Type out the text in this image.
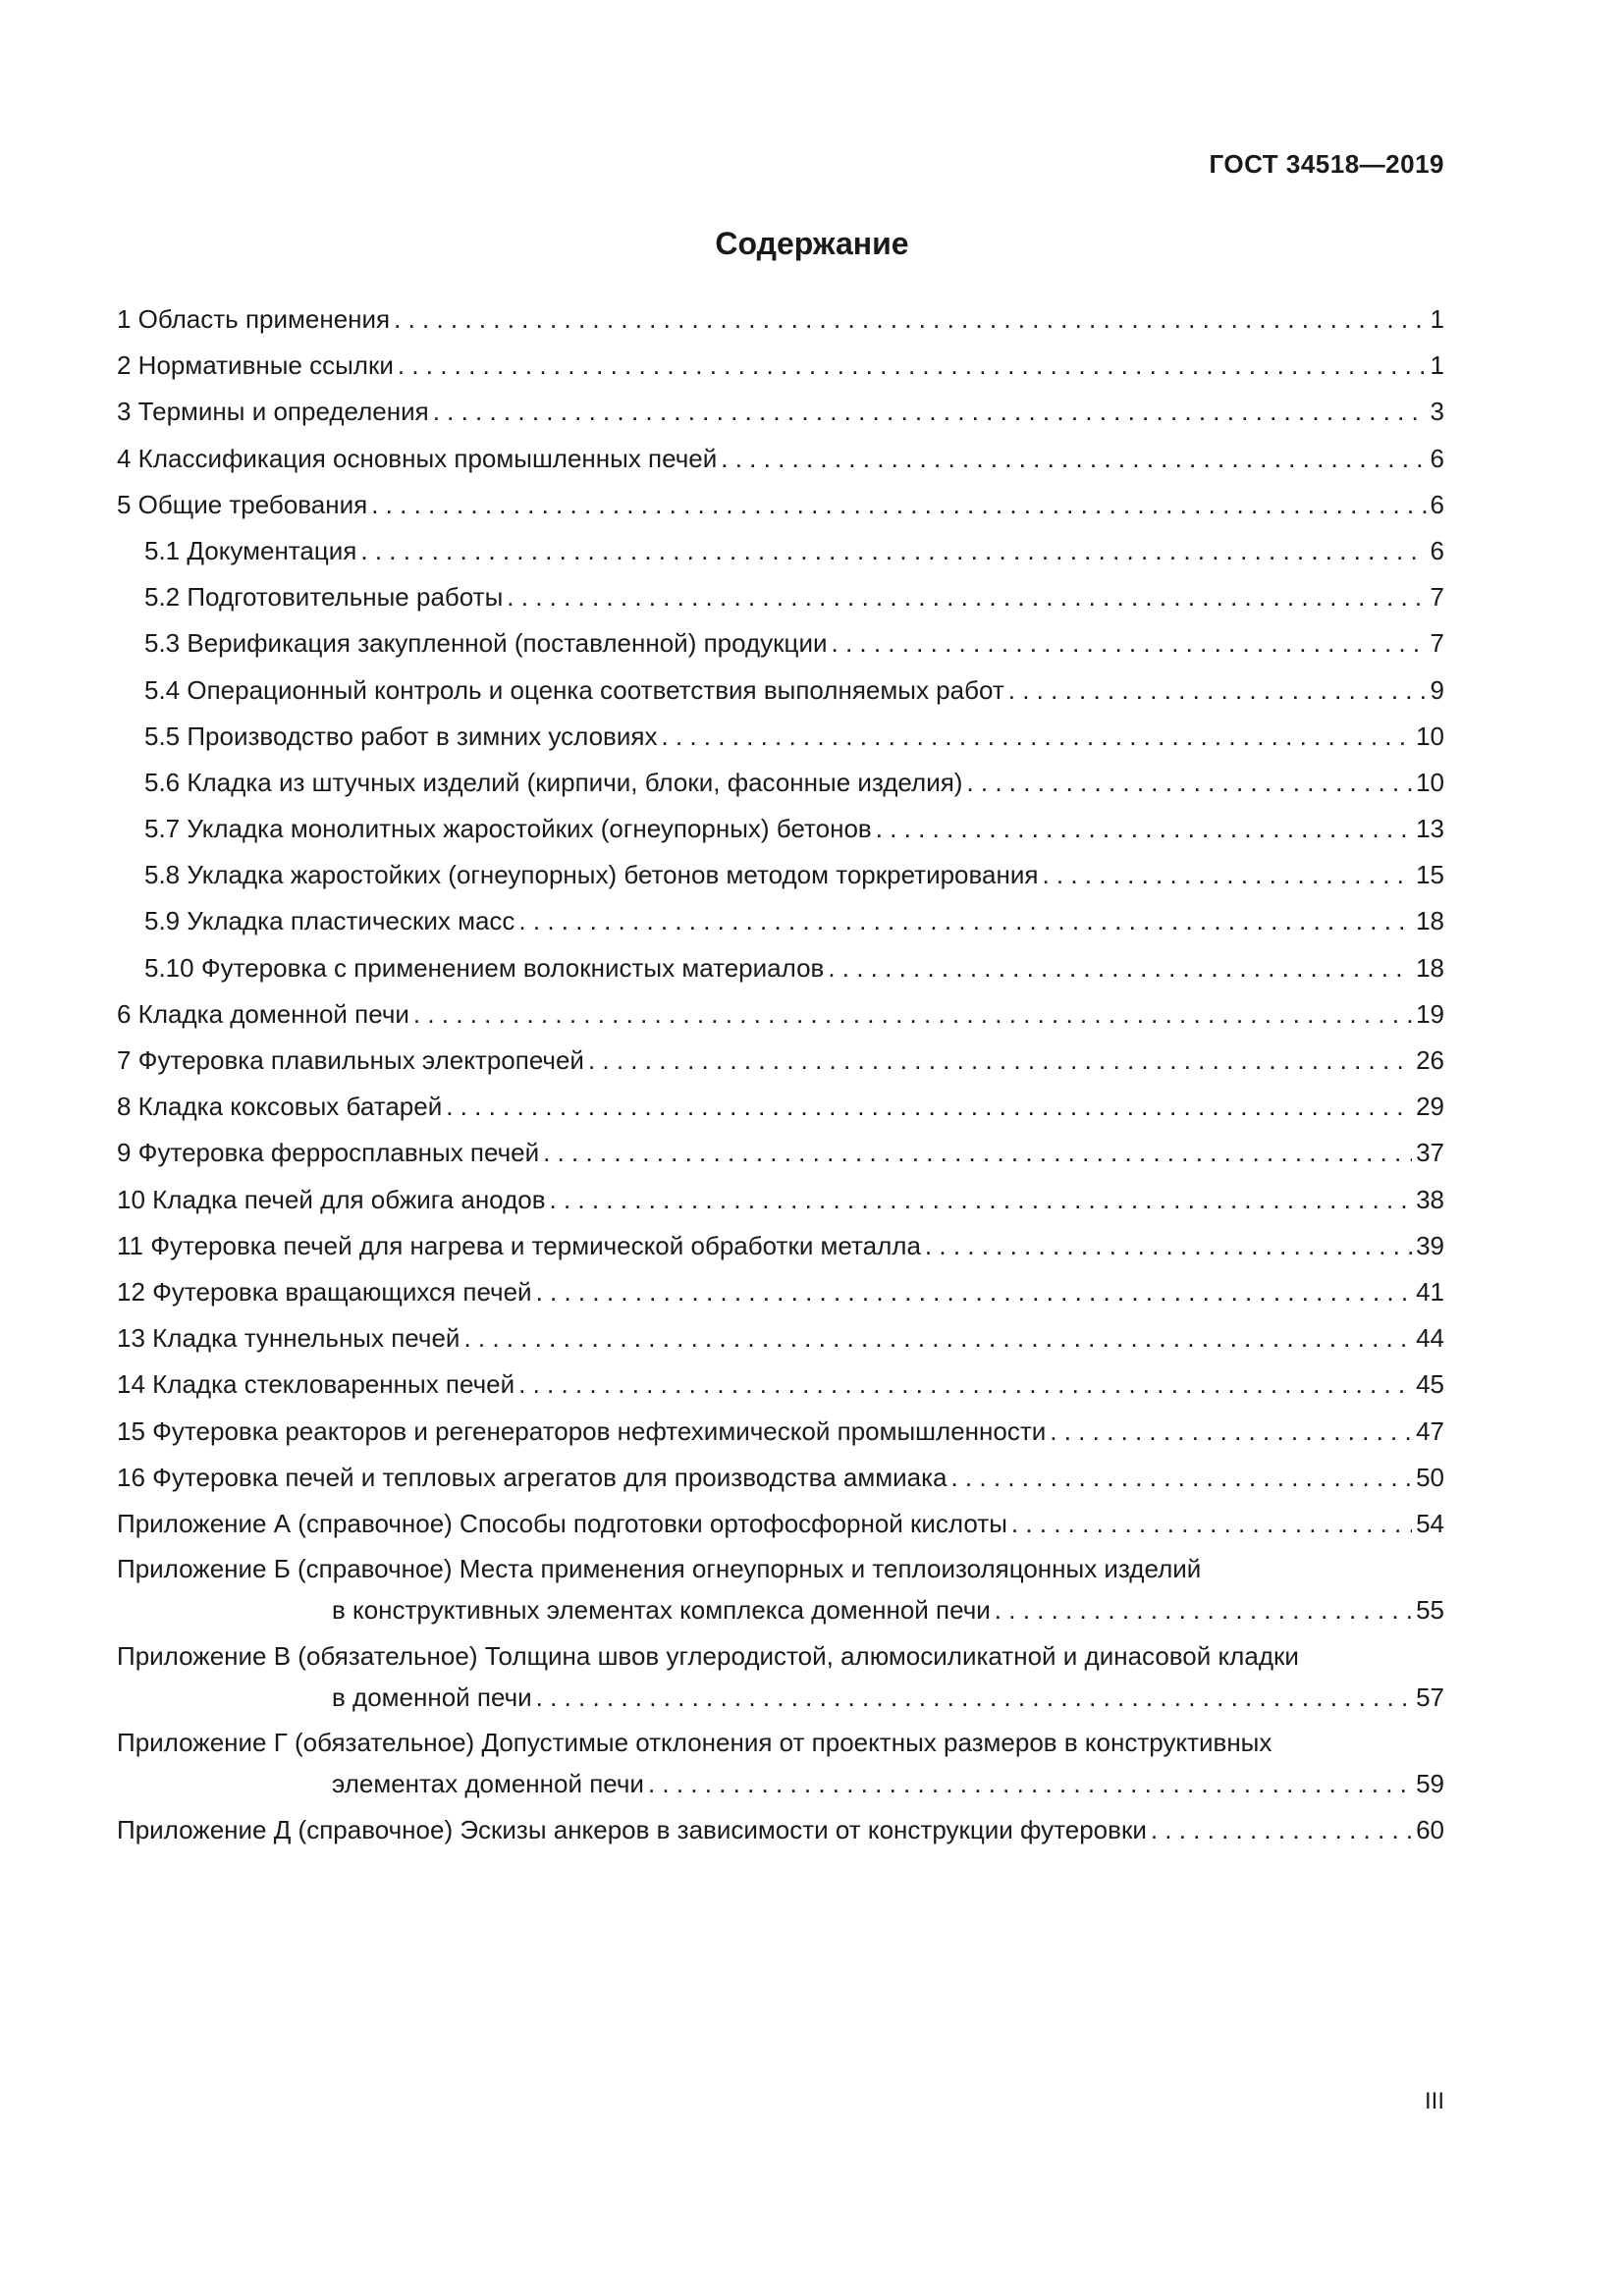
ГОСТ 34518—2019
Содержание
1 Область применения . . .	1
2 Нормативные ссылки . . .	1
3 Термины и определения . . .	3
4 Классификация основных промышленных печей . . .	6
5 Общие требования . . .	6
5.1 Документация . . .	6
5.2 Подготовительные работы . . .	7
5.3 Верификация закупленной (поставленной) продукции . . .	7
5.4 Операционный контроль и оценка соответствия выполняемых работ . . .	9
5.5 Производство работ в зимних условиях . . .	10
5.6 Кладка из штучных изделий (кирпичи, блоки, фасонные изделия) . . .	10
5.7 Укладка монолитных жаростойких (огнеупорных) бетонов . . .	13
5.8 Укладка жаростойких (огнеупорных) бетонов методом торкретирования . . .	15
5.9 Укладка пластических масс . . .	18
5.10 Футеровка с применением волокнистых материалов . . .	18
6 Кладка доменной печи . . .	19
7 Футеровка плавильных электропечей . . .	26
8 Кладка коксовых батарей . . .	29
9 Футеровка ферросплавных печей . . .	37
10 Кладка печей для обжига анодов . . .	38
11 Футеровка печей для нагрева и термической обработки металла . . .	39
12 Футеровка вращающихся печей . . .	41
13 Кладка туннельных печей . . .	44
14 Кладка стекловаренных печей . . .	45
15 Футеровка реакторов и регенераторов нефтехимической промышленности . . .	47
16 Футеровка печей и тепловых агрегатов для производства аммиака . . .	50
Приложение А (справочное) Способы подготовки ортофосфорной кислоты . . .	54
Приложение Б (справочное) Места применения огнеупорных и теплоизоляцонных изделий
в конструктивных элементах комплекса доменной печи . . .	55
Приложение В (обязательное) Толщина швов углеродистой, алюмосиликатной и динасовой кладки
в доменной печи . . .	57
Приложение Г (обязательное) Допустимые отклонения от проектных размеров в конструктивных
элементах доменной печи . . .	59
Приложение Д (справочное) Эскизы анкеров в зависимости от конструкции футеровки . . .	60
III
